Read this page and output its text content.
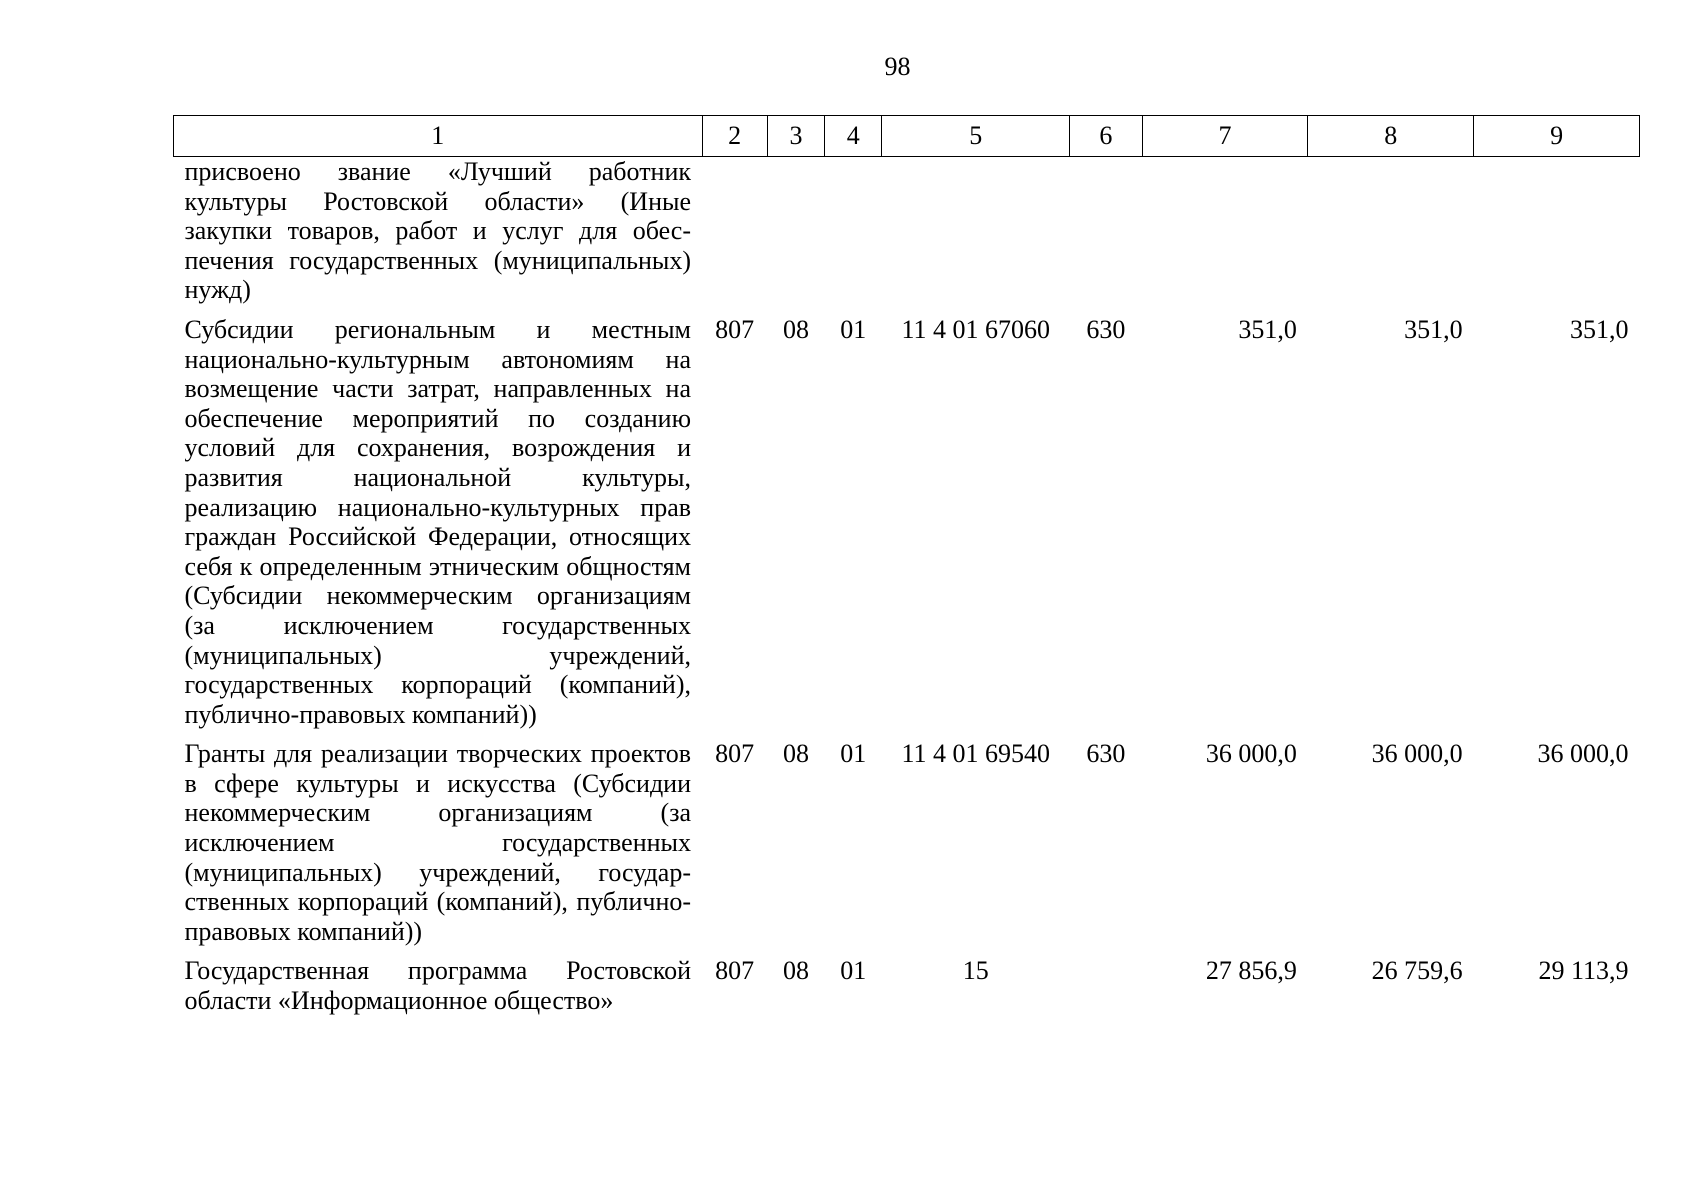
98
1	2	3	4	5	6	7	8	9
присвоено звание «Лучший работник культуры Ростовской области» (Иные закупки товаров, работ и услуг для обеспечения государственных (муниципальных) нужд)								
Субсидии региональным и местным национально-культурным автономиям на возмещение части затрат, направленных на обеспечение мероприятий по созданию условий для сохранения, возрождения и развития национальной культуры, реализацию национально-культурных прав граждан Российской Федерации, относящих себя к определенным этническим общностям (Субсидии некоммерческим организациям (за исключением государственных (муниципальных) учреждений, государственных корпораций (компаний), публично-правовых компаний))	807	08	01	11 4 01 67060	630	351,0	351,0	351,0
Гранты для реализации творческих проектов в сфере культуры и искусства (Субсидии некоммерческим организациям (за исключением государственных (муниципальных) учреждений, государственных корпораций (компаний), публично-правовых компаний))	807	08	01	11 4 01 69540	630	36 000,0	36 000,0	36 000,0
Государственная программа Ростовской области «Информационное общество»	807	08	01	15		27 856,9	26 759,6	29 113,9
